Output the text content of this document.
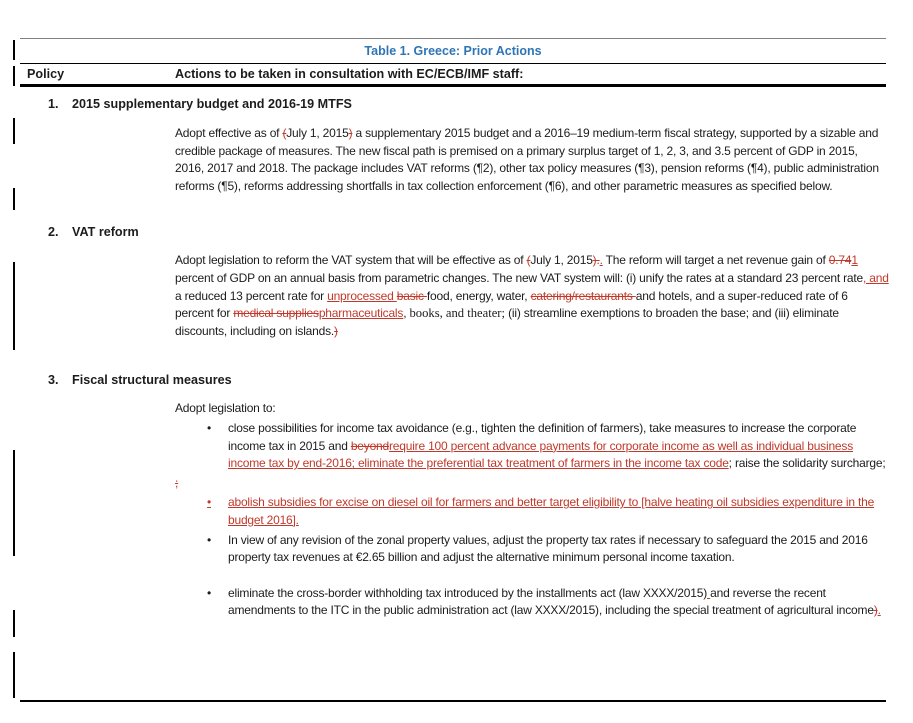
Table 1. Greece: Prior Actions
Policy	Actions to be taken in consultation with EC/ECB/IMF staff:
1.	2015 supplementary budget and 2016-19 MTFS
Adopt effective as of (July 1, 2015) a supplementary 2015 budget and a 2016–19 medium-term fiscal strategy, supported by a sizable and credible package of measures. The new fiscal path is premised on a primary surplus target of 1, 2, 3, and 3.5 percent of GDP in 2015, 2016, 2017 and 2018. The package includes VAT reforms (¶2), other tax policy measures (¶3), pension reforms (¶4), public administration reforms (¶5), reforms addressing shortfalls in tax collection enforcement (¶6), and other parametric measures as specified below.
2.	VAT reform
Adopt legislation to reform the VAT system that will be effective as of (July 1, 2015).. The reform will target a net revenue gain of 0.741 percent of GDP on an annual basis from parametric changes. The new VAT system will: (i) unify the rates at a standard 23 percent rate, and a reduced 13 percent rate for unprocessed basic food, energy, water, catering/restaurants and hotels, and a super-reduced rate of 6 percent for medical suppliespharmaceuticals, books, and theater; (ii) streamline exemptions to broaden the base; and (iii) eliminate discounts, including on islands.)
3.	Fiscal structural measures
Adopt legislation to:
•	close possibilities for income tax avoidance (e.g., tighten the definition of farmers), take measures to increase the corporate income tax in 2015 and beyondrequire 100 percent advance payments for corporate income as well as individual business income tax by end-2016; eliminate the preferential tax treatment of farmers in the income tax code; raise the solidarity surcharge;
;
•	abolish subsidies for excise on diesel oil for farmers and better target eligibility to [halve heating oil subsidies expenditure in the budget 2016].
•	In view of any revision of the zonal property values, adjust the property tax rates if necessary to safeguard the 2015 and 2016 property tax revenues at €2.65 billion and adjust the alternative minimum personal income taxation.
•	eliminate the cross-border withholding tax introduced by the installments act (law XXXX/2015) and reverse the recent amendments to the ITC in the public administration act (law XXXX/2015), including the special treatment of agricultural income).
